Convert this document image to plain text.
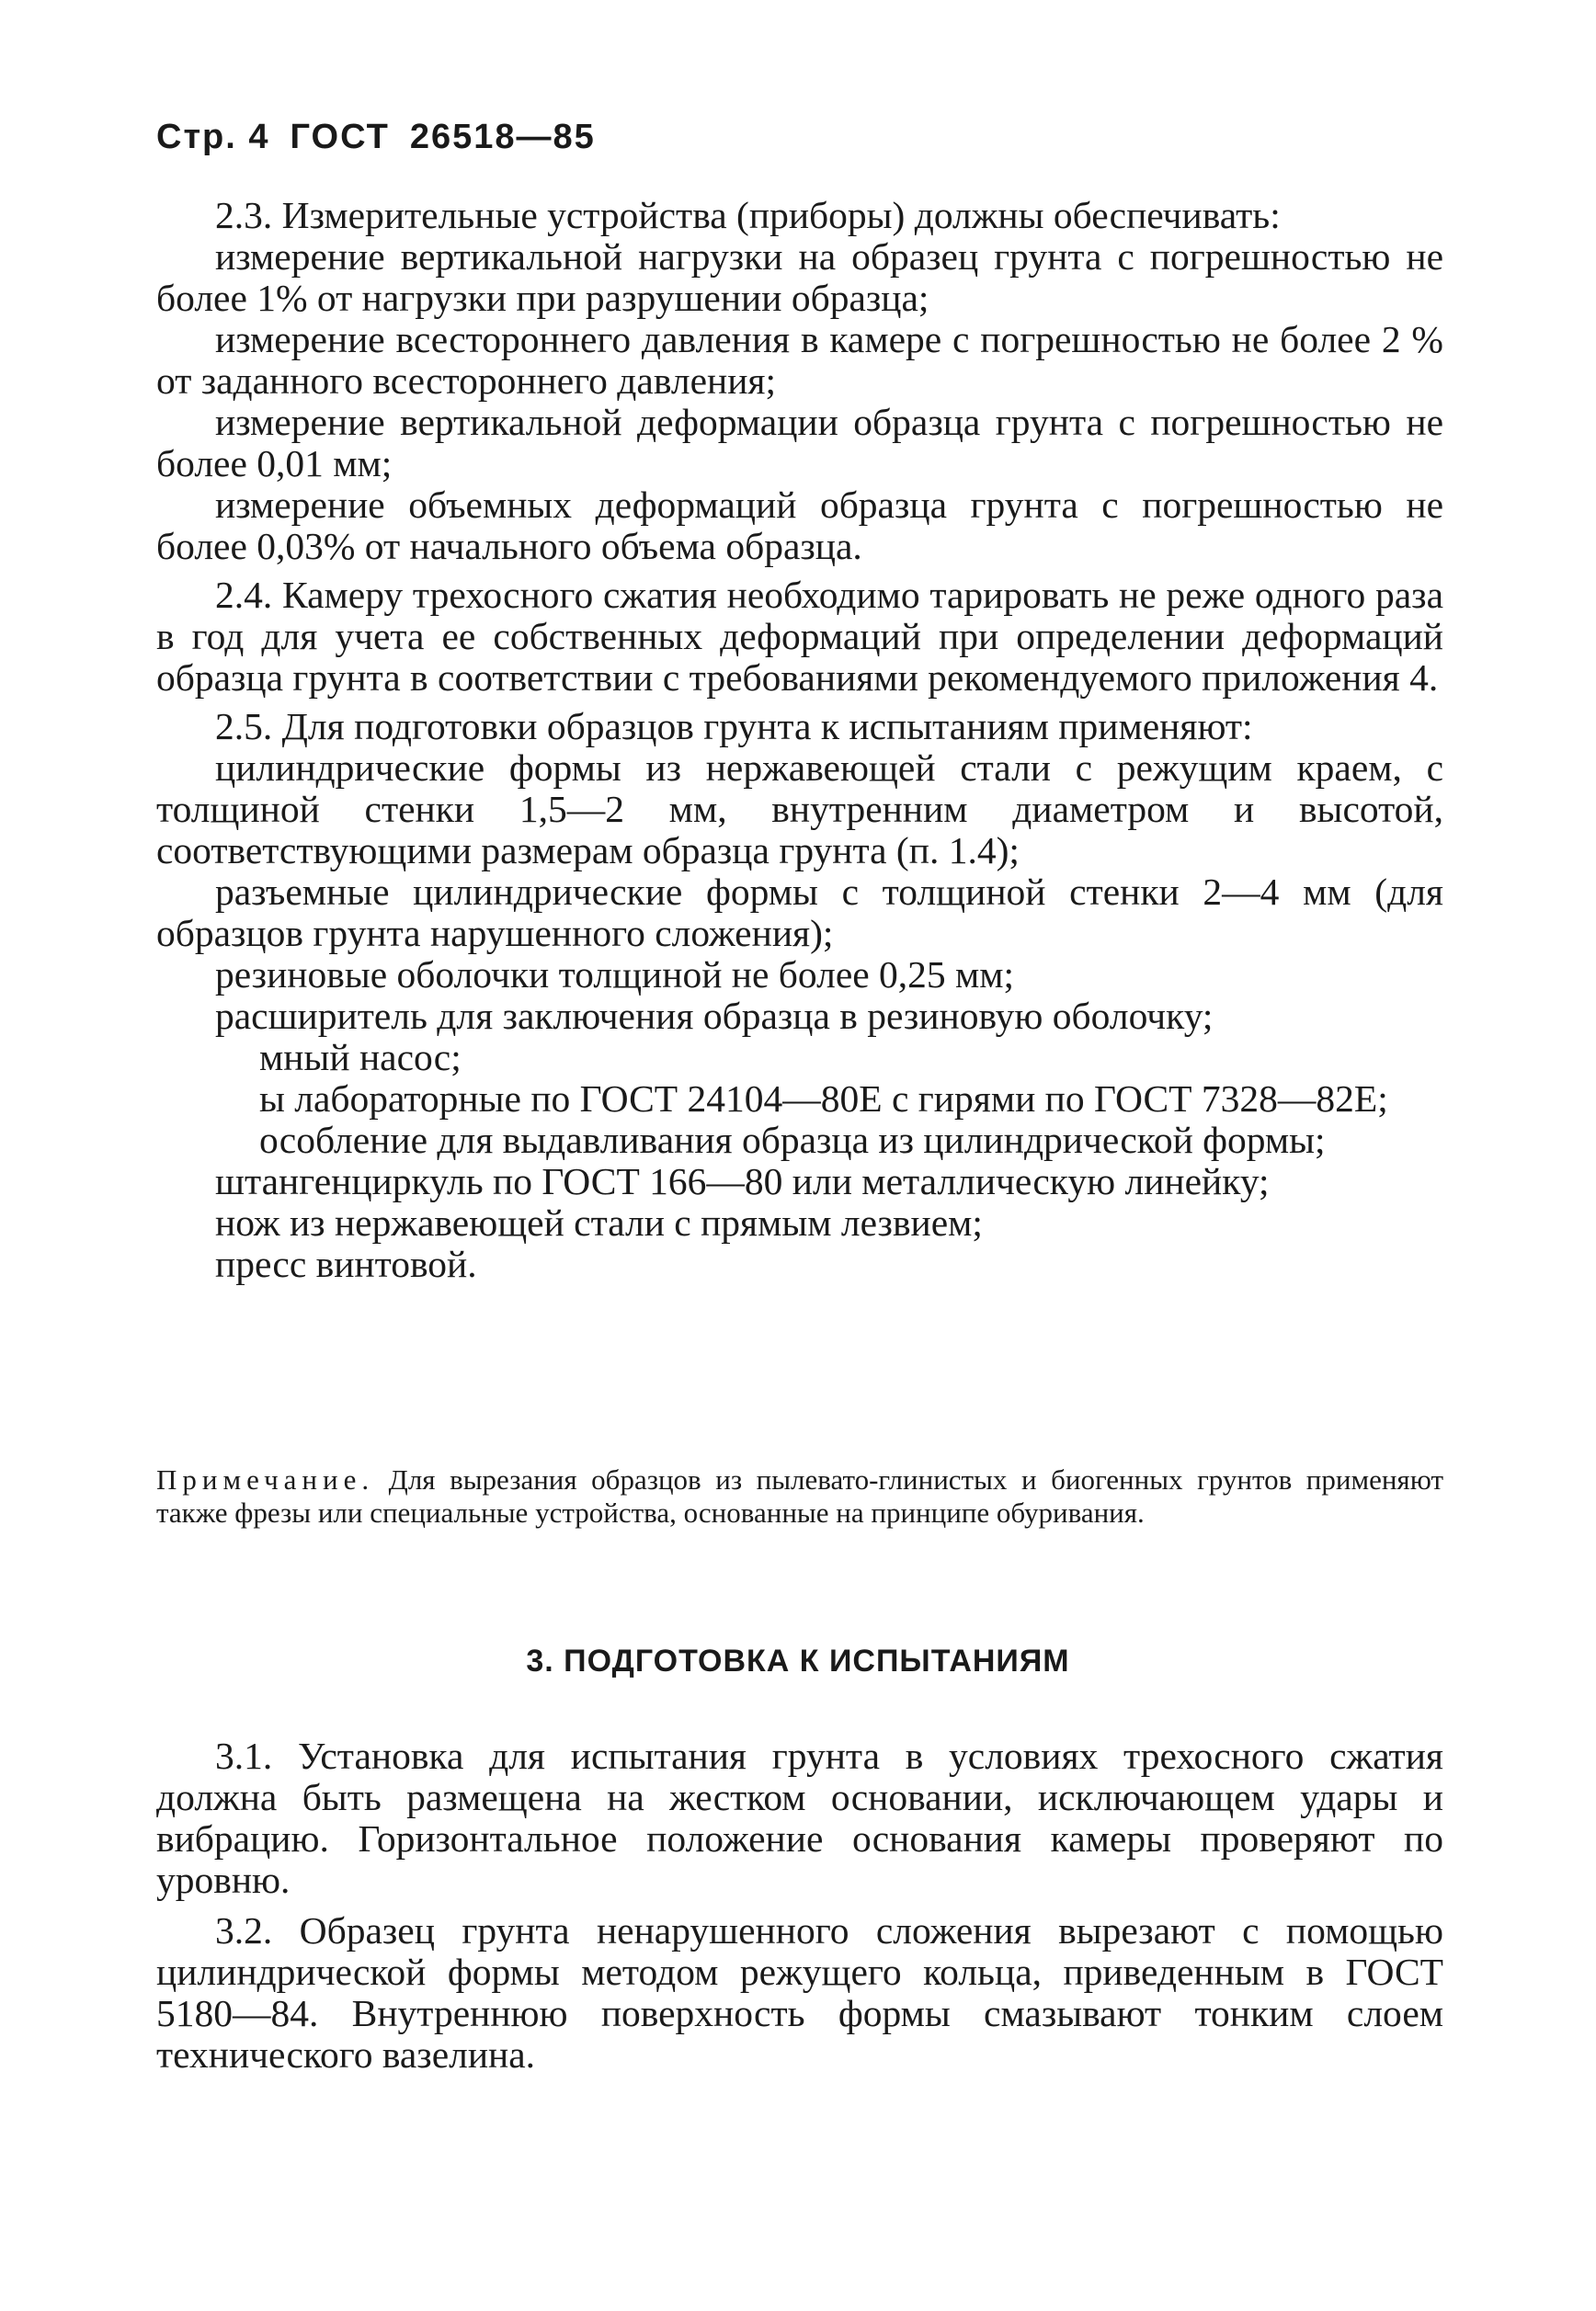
Стр. 4 ГОСТ 26518—85

2.3. Измерительные устройства (приборы) должны обеспечивать:

измерение вертикальной нагрузки на образец грунта с погрешностью не более 1% от нагрузки при разрушении образца;

измерение всестороннего давления в камере с погрешностью не более 2 % от заданного всестороннего давления;

измерение вертикальной деформации образца грунта с погрешностью не более 0,01 мм;

измерение объемных деформаций образца грунта с погрешностью не более 0,03% от начального объема образца.

2.4. Камеру трехосного сжатия необходимо тарировать не реже одного раза в год для учета ее собственных деформаций при определении деформаций образца грунта в соответствии с требованиями рекомендуемого приложения 4.

2.5. Для подготовки образцов грунта к испытаниям применяют:

цилиндрические формы из нержавеющей стали с режущим краем, с толщиной стенки 1,5—2 мм, внутренним диаметром и высотой, соответствующими размерам образца грунта (п. 1.4);

разъемные цилиндрические формы с толщиной стенки 2—4 мм (для образцов грунта нарушенного сложения);

резиновые оболочки толщиной не более 0,25 мм;

расширитель для заключения образца в резиновую оболочку;

мный насос;

ы лабораторные по ГОСТ 24104—80Е с гирями по ГОСТ 7328—82Е;

особление для выдавливания образца из цилиндрической формы;

штангенциркуль по ГОСТ 166—80 или металлическую линейку;

нож из нержавеющей стали с прямым лезвием;

пресс винтовой.

Примечание. Для вырезания образцов из пылевато-глинистых и биогенных грунтов применяют также фрезы или специальные устройства, основанные на принципе обуривания.
3. ПОДГОТОВКА К ИСПЫТАНИЯМ

3.1. Установка для испытания грунта в условиях трехосного сжатия должна быть размещена на жестком основании, исключающем удары и вибрацию. Горизонтальное положение основания камеры проверяют по уровню.

3.2. Образец грунта ненарушенного сложения вырезают с помощью цилиндрической формы методом режущего кольца, приведенным в ГОСТ 5180—84. Внутреннюю поверхность формы смазывают тонким слоем технического вазелина.
